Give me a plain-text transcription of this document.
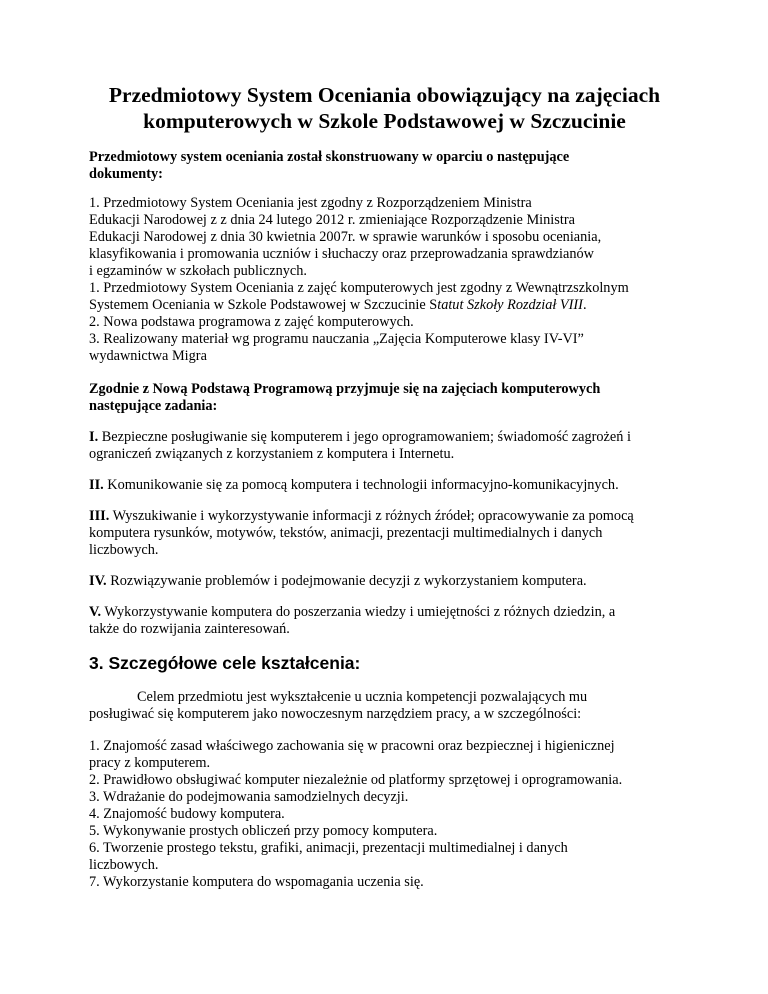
Przedmiotowy System Oceniania obowiązujący na zajęciach
komputerowych w Szkole Podstawowej w Szczucinie

Przedmiotowy system oceniania został skonstruowany w oparciu o następujące
dokumenty:

1. Przedmiotowy System Oceniania jest zgodny z Rozporządzeniem Ministra
Edukacji Narodowej z z dnia 24 lutego 2012 r. zmieniające Rozporządzenie Ministra
Edukacji Narodowej z dnia 30 kwietnia 2007r. w sprawie warunków i sposobu oceniania,
klasyfikowania i promowania uczniów i słuchaczy oraz przeprowadzania sprawdzianów
i egzaminów w szkołach publicznych.
1. Przedmiotowy System Oceniania z zajęć komputerowych jest zgodny z Wewnątrzszkolnym
Systemem Oceniania w Szkole Podstawowej w Szczucinie Statut Szkoły Rozdział VIII.
2. Nowa podstawa programowa z zajęć komputerowych.
3. Realizowany materiał wg programu nauczania „Zajęcia Komputerowe klasy IV-VI”
wydawnictwa Migra

Zgodnie z Nową Podstawą Programową przyjmuje się na zajęciach komputerowych
następujące zadania:

I. Bezpieczne posługiwanie się komputerem i jego oprogramowaniem; świadomość zagrożeń i
ograniczeń związanych z korzystaniem z komputera i Internetu.

II. Komunikowanie się za pomocą komputera i technologii informacyjno-komunikacyjnych.

III. Wyszukiwanie i wykorzystywanie informacji z różnych źródeł; opracowywanie za pomocą
komputera rysunków, motywów, tekstów, animacji, prezentacji multimedialnych i danych
liczbowych.

IV. Rozwiązywanie problemów i podejmowanie decyzji z wykorzystaniem komputera.

V. Wykorzystywanie komputera do poszerzania wiedzy i umiejętności z różnych dziedzin, a
także do rozwijania zainteresowań.

3. Szczegółowe cele kształcenia:

Celem przedmiotu jest wykształcenie u ucznia kompetencji pozwalających mu
posługiwać się komputerem jako nowoczesnym narzędziem pracy, a w szczególności:

1. Znajomość zasad właściwego zachowania się w pracowni oraz bezpiecznej i higienicznej
pracy z komputerem.
2. Prawidłowo obsługiwać komputer niezależnie od platformy sprzętowej i oprogramowania.
3. Wdrażanie do podejmowania samodzielnych decyzji.
4. Znajomość budowy komputera.
5. Wykonywanie prostych obliczeń przy pomocy komputera.
6. Tworzenie prostego tekstu, grafiki, animacji, prezentacji multimedialnej i danych
liczbowych.
7. Wykorzystanie komputera do wspomagania uczenia się.
